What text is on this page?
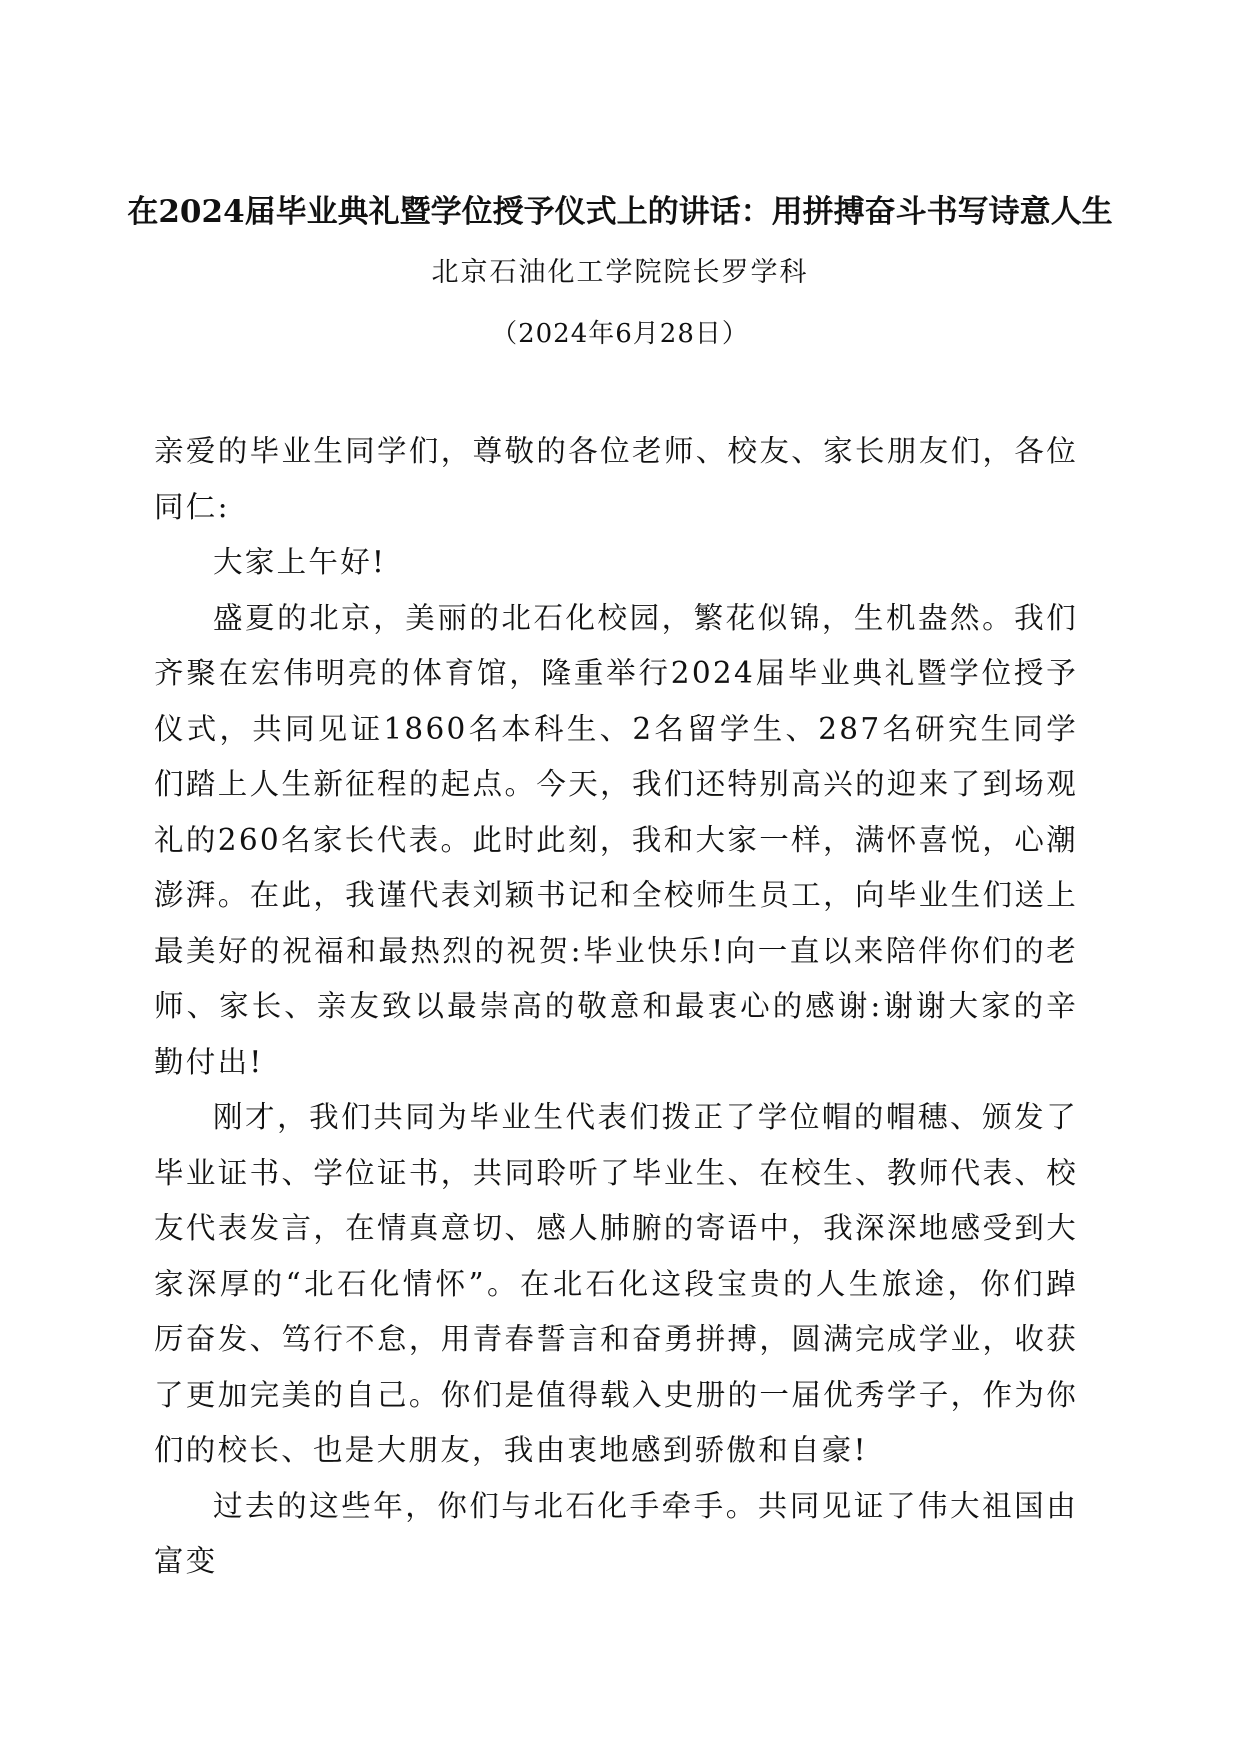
在2024届毕业典礼暨学位授予仪式上的讲话：用拼搏奋斗书写诗意人生
北京石油化工学院院长罗学科
（2024年6月28日）

亲爱的毕业生同学们，尊敬的各位老师、校友、家长朋友们，各位同仁:

大家上午好!

盛夏的北京，美丽的北石化校园，繁花似锦，生机盎然。我们齐聚在宏伟明亮的体育馆，隆重举行2024届毕业典礼暨学位授予仪式，共同见证1860名本科生、2名留学生、287名研究生同学们踏上人生新征程的起点。今天，我们还特别高兴的迎来了到场观礼的260名家长代表。此时此刻，我和大家一样，满怀喜悦，心潮澎湃。在此，我谨代表刘颖书记和全校师生员工，向毕业生们送上最美好的祝福和最热烈的祝贺:毕业快乐!向一直以来陪伴你们的老师、家长、亲友致以最崇高的敬意和最衷心的感谢:谢谢大家的辛勤付出!

刚才，我们共同为毕业生代表们拨正了学位帽的帽穗、颁发了毕业证书、学位证书，共同聆听了毕业生、在校生、教师代表、校友代表发言，在情真意切、感人肺腑的寄语中，我深深地感受到大家深厚的“北石化情怀”。在北石化这段宝贵的人生旅途，你们踔厉奋发、笃行不怠，用青春誓言和奋勇拼搏，圆满完成学业，收获了更加完美的自己。你们是值得载入史册的一届优秀学子，作为你们的校长、也是大朋友，我由衷地感到骄傲和自豪!

过去的这些年，你们与北石化手牵手。共同见证了伟大祖国由富变
